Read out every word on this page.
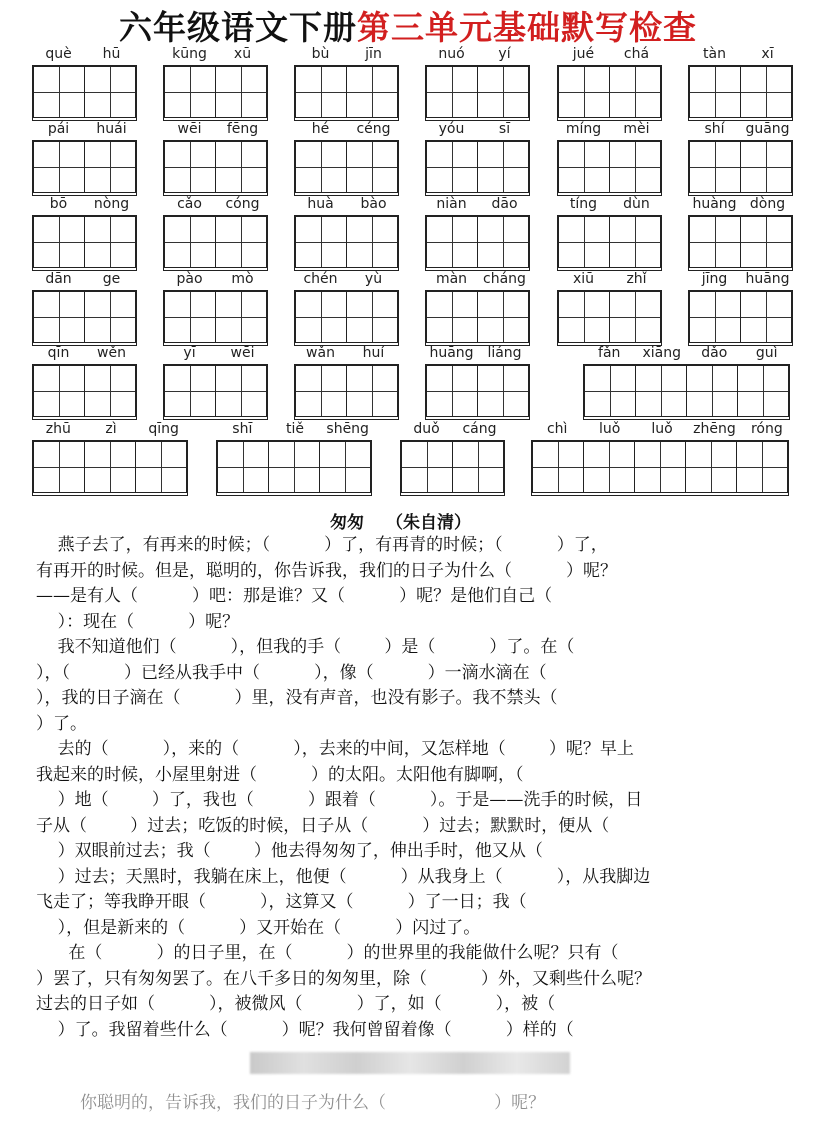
六年级语文下册第三单元基础默写检查
què	hū	kūng	xū	bù	jīn	nuó	yí	jué	chá	tàn	xī
pái	huái	wēi	fēng	hé	céng	yóu	sī	míng	mèi	shí	guāng
bō	nòng	cǎo	cóng	huà	bào	niàn	dāo	tíng	dùn	huàng dòng
dān	ge	pào	mò	chén	yù	màn	cháng	xiū	zhǐ	jīng	huāng
qīn	wěn	yī	wēi	wǎn	huí	huāng liáng	fǎn	xiāng	dǎo	guì
zhū	zì	qīng	shī	tiě	shēng	duǒ	cáng	chì	luǒ	luǒ	zhēng	róng
匆匆 （朱自清）
燕子去了，有再来的时候；（          ）了，有再青的时候；（          ）了，
有再开的时候。但是，聪明的，你告诉我，我们的日子为什么（          ）呢？
——是有人（          ）吧：那是谁？又（          ）呢？是他们自己（
）：现在（          ）呢？
我不知道他们（          ），但我的手（        ）是（          ）了。在（
），（          ）已经从我手中（          ），像（          ）一滴水滴在（
），我的日子滴在（          ）里，没有声音，也没有影子。我不禁头（
）了。
去的（          ），来的（          ），去来的中间，又怎样地（        ）呢？早上
我起来的时候，小屋里射进（          ）的太阳。太阳他有脚啊，（
）地（        ）了，我也（          ）跟着（          ）。于是——洗手的时候，日
子从（        ）过去；吃饭的时候，日子从（          ）过去；默默时，便从（
）双眼前过去；我（        ）他去得匆匆了，伸出手时，他又从（
）过去；天黑时，我躺在床上，他便（          ）从我身上（          ），从我脚边
飞走了；等我睁开眼（          ），这算又（          ）了一日；我（
），但是新来的（          ）又开始在（          ）闪过了。
在（          ）的日子里，在（          ）的世界里的我能做什么呢？只有（
）罢了，只有匆匆罢了。在八千多日的匆匆里，除（          ）外，又剩些什么呢？
过去的日子如（          ），被微风（          ）了，如（          ），被（
）了。我留着些什么（          ）呢？我何曾留着像（          ）样的（
你聪明的，告诉我，我们的日子为什么（                    ）呢？
